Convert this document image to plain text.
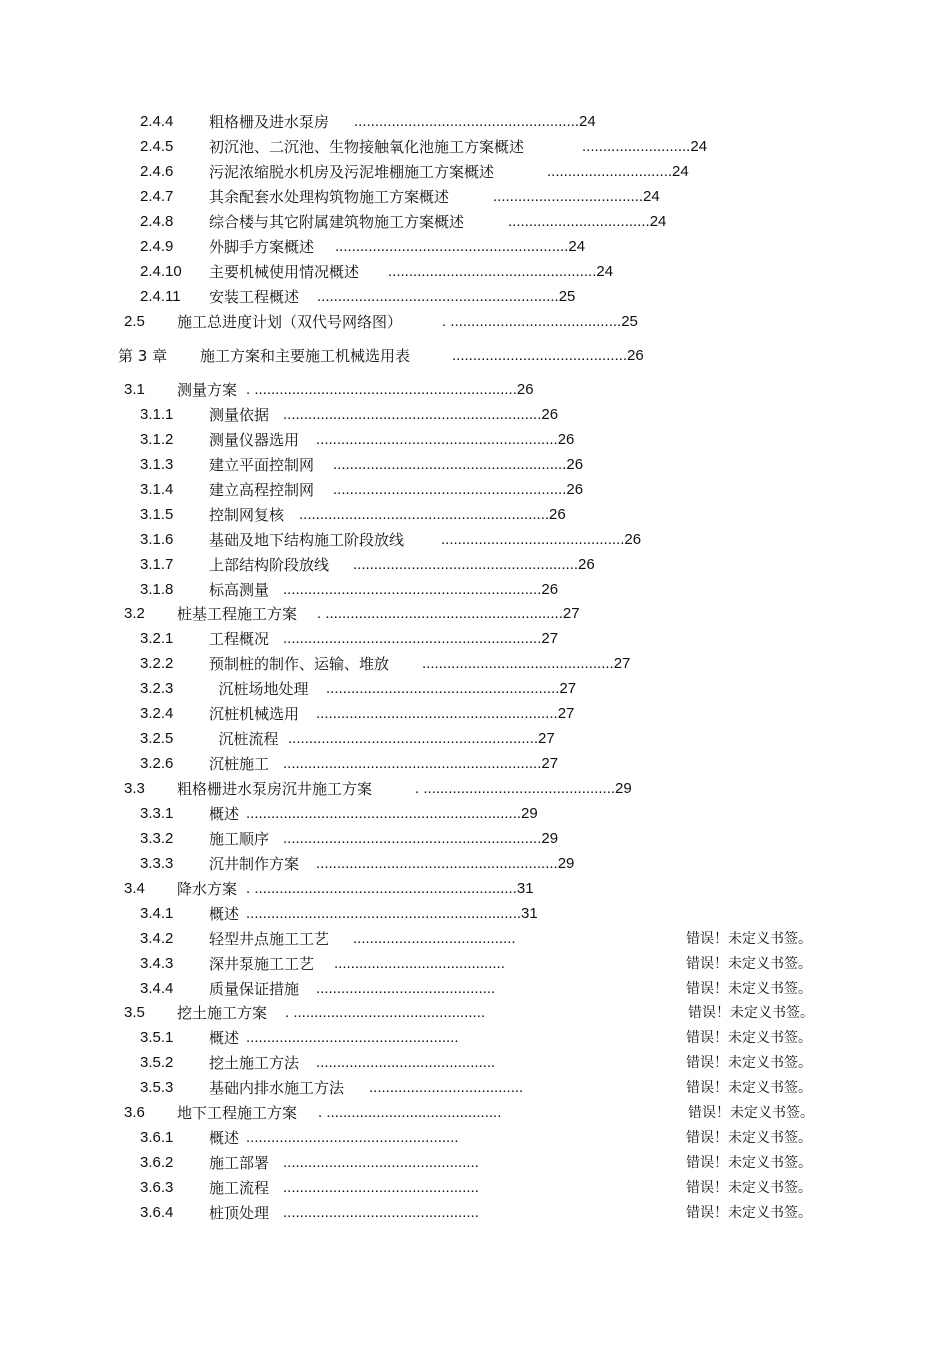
2.4.4 粗格栅及进水泵房 ......................................................24
2.4.5 初沉池、二沉池、生物接触氧化池施工方案概述	..........................24
2.4.6 污泥浓缩脱水机房及污泥堆棚施工方案概述	..............................24
2.4.7 其余配套水处理构筑物施工方案概述	....................................24
2.4.8 综合楼与其它附属建筑物施工方案概述	..................................24
2.4.9 外脚手方案概述 ........................................................24
2.4.10 主要机械使用情况概述 ..................................................24
2.4.11 安装工程概述 ..........................................................25
2.5 施工总进度计划（双代号网络图）	. .........................................25
第 3 章 施工方案和主要施工机械选用表	..........................................26
3.1 测量方案 . ...............................................................26
3.1.1 测量依据 ..............................................................26
3.1.2 测量仪器选用 ..........................................................26
3.1.3 建立平面控制网 ........................................................26
3.1.4 建立高程控制网 ........................................................26
3.1.5 控制网复核 ............................................................26
3.1.6 基础及地下结构施工阶段放线 ............................................26
3.1.7 上部结构阶段放线 ......................................................26
3.1.8 标高测量 ..............................................................26
3.2 桩基工程施工方案 . .........................................................27
3.2.1 工程概况 ..............................................................27
3.2.2 预制桩的制作、运输、堆放 ..............................................27
3.2.3 沉桩场地处理 ........................................................27
3.2.4 沉桩机械选用 ..........................................................27
3.2.5 沉桩流程 ............................................................27
3.2.6 沉桩施工 ..............................................................27
3.3 粗格栅进水泵房沉井施工方案	. ..............................................29
3.3.1 概述 ..................................................................29
3.3.2 施工顺序 ..............................................................29
3.3.3 沉井制作方案 ..........................................................29
3.4 降水方案 . ...............................................................31
3.4.1 概述 ..................................................................31
3.4.2 轻型井点施工工艺 .......................................	错误！未定义书签。
3.4.3 深井泵施工工艺 .........................................	错误！未定义书签。
3.4.4 质量保证措施 ...........................................	错误！未定义书签。
3.5 挖土施工方案 . ..............................................	错误！未定义书签。
3.5.1 概述 ...................................................	错误！未定义书签。
3.5.2 挖土施工方法 ...........................................	错误！未定义书签。
3.5.3 基础内排水施工方法 .....................................	错误！未定义书签。
3.6 地下工程施工方案 . ..........................................	错误！未定义书签。
3.6.1 概述 ...................................................	错误！未定义书签。
3.6.2 施工部署 ...............................................	错误！未定义书签。
3.6.3 施工流程 ...............................................	错误！未定义书签。
3.6.4 桩顶处理 ...............................................	错误！未定义书签。
